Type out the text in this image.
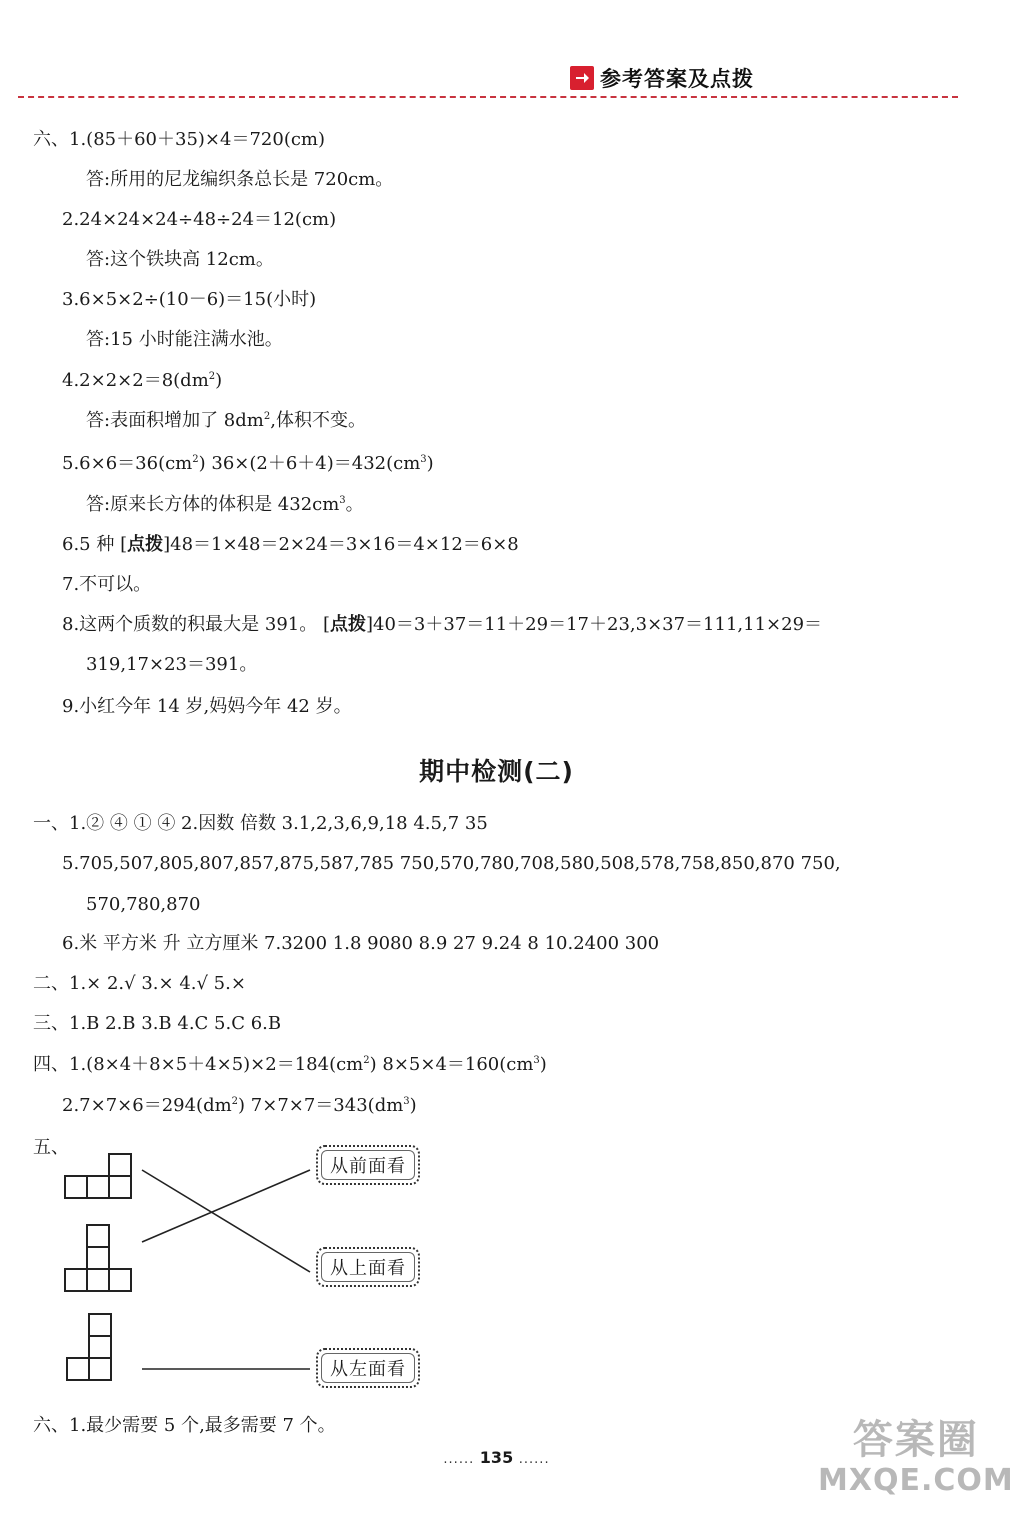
参考答案及点拨
六、1.(85＋60＋35)×4＝720(cm)
答:所用的尼龙编织条总长是 720cm。
2.24×24×24÷48÷24＝12(cm)
答:这个铁块高 12cm。
3.6×5×2÷(10－6)＝15(小时)
答:15 小时能注满水池。
$4.2\times 2\times 2=8(dm^2)$
答:表面积增加了 $8dm^2$,体积不变。
$5.6\times 6=36(cm^2)$ $36\times(2+6+4)=432(cm^3)$
答:原来长方体的体积是 $432cm^3$。
6.5 种 [点拨]48＝1×48＝2×24＝3×16＝4×12＝6×8
7.不可以。
8.这两个质数的积最大是 391。 [点拨]40＝3＋37＝11＋29＝17＋23,3×37＝111,11×29＝
319,17×23＝391。
9.小红今年 14 岁,妈妈今年 42 岁。
期中检测(二)
一、1.② ④ ① ④ 2.因数 倍数 3.1,2,3,6,9,18 4.5,7 35
5.705,507,805,807,857,875,587,785 750,570,780,708,580,508,578,758,850,870 750,
570,780,870
6.米 平方米 升 立方厘米 7.3200 1.8 9080 8.9 27 9.24 8 10.2400 300
二、1.× 2.√ 3.× 4.√ 5.×
三、1.B 2.B 3.B 4.C 5.C 6.B
四、$1.(8\times 4+8\times 5+4\times 5)\times 2=184(cm^2)$ $8\times 5\times 4=160(cm^3)$
$2.7\times 7\times 6=294(dm^2)$ $7\times 7\times 7=343(dm^3)$
五、
从前面看
从上面看
从左面看
六、1.最少需要 5 个,最多需要 7 个。
...... 135 ......	答案圈
MXQE.COM
